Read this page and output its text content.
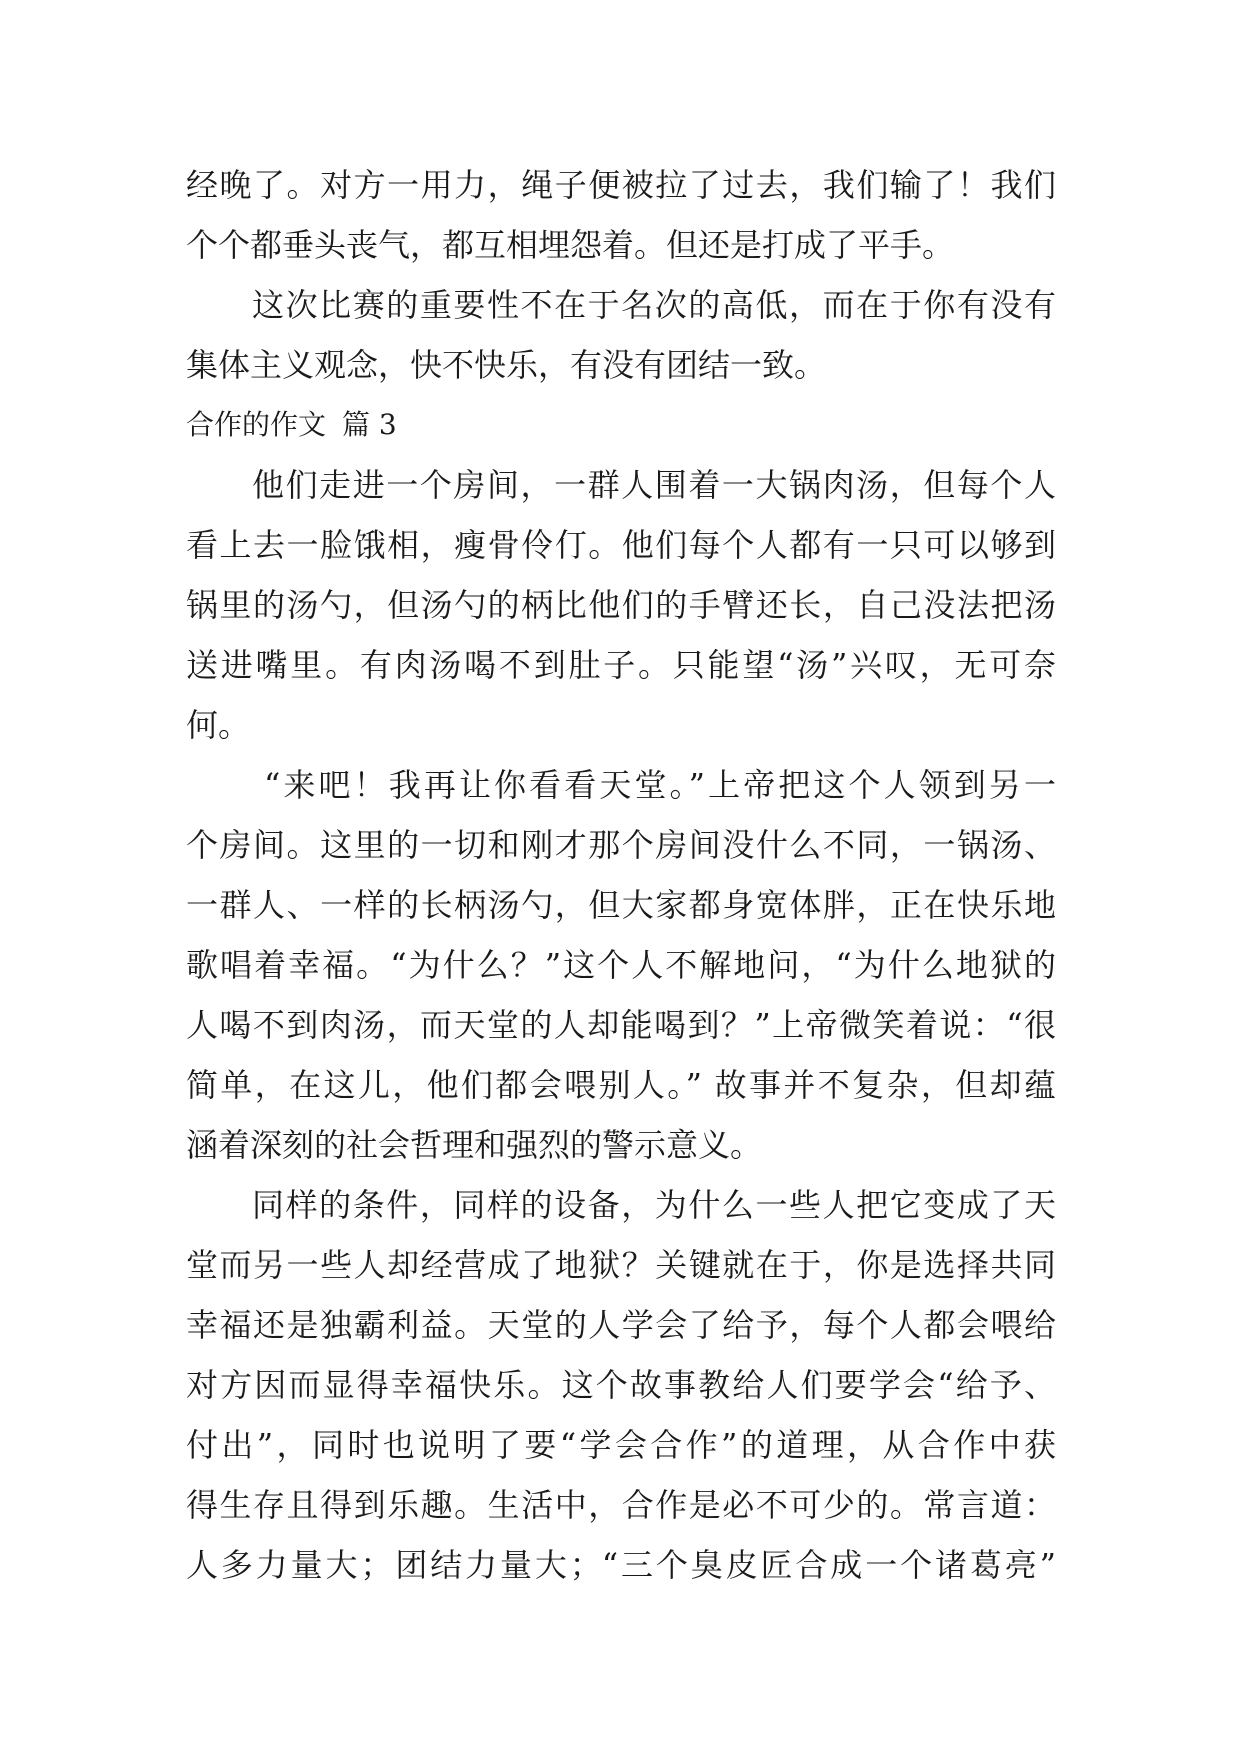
经晚了。对方一用力，绳子便被拉了过去，我们输了！我们
个个都垂头丧气，都互相埋怨着。但还是打成了平手。
这次比赛的重要性不在于名次的高低，而在于你有没有
集体主义观念，快不快乐，有没有团结一致。
合作的作文 篇 3
他们走进一个房间，一群人围着一大锅肉汤，但每个人
看上去一脸饿相，瘦骨伶仃。他们每个人都有一只可以够到
锅里的汤勺，但汤勺的柄比他们的手臂还长，自己没法把汤
送进嘴里。有肉汤喝不到肚子。只能望“汤”兴叹，无可奈
何。
“来吧！我再让你看看天堂。”上帝把这个人领到另一
个房间。这里的一切和刚才那个房间没什么不同，一锅汤、
一群人、一样的长柄汤勺，但大家都身宽体胖，正在快乐地
歌唱着幸福。“为什么？”这个人不解地问，“为什么地狱的
人喝不到肉汤，而天堂的人却能喝到？”上帝微笑着说：“很
简单，在这儿，他们都会喂别人。” 故事并不复杂，但却蕴
涵着深刻的社会哲理和强烈的警示意义。
同样的条件，同样的设备，为什么一些人把它变成了天
堂而另一些人却经营成了地狱？关键就在于，你是选择共同
幸福还是独霸利益。天堂的人学会了给予，每个人都会喂给
对方因而显得幸福快乐。这个故事教给人们要学会“给予、
付出”，同时也说明了要“学会合作”的道理，从合作中获
得生存且得到乐趣。生活中，合作是必不可少的。常言道：
人多力量大；团结力量大；“三个臭皮匠合成一个诸葛亮”
